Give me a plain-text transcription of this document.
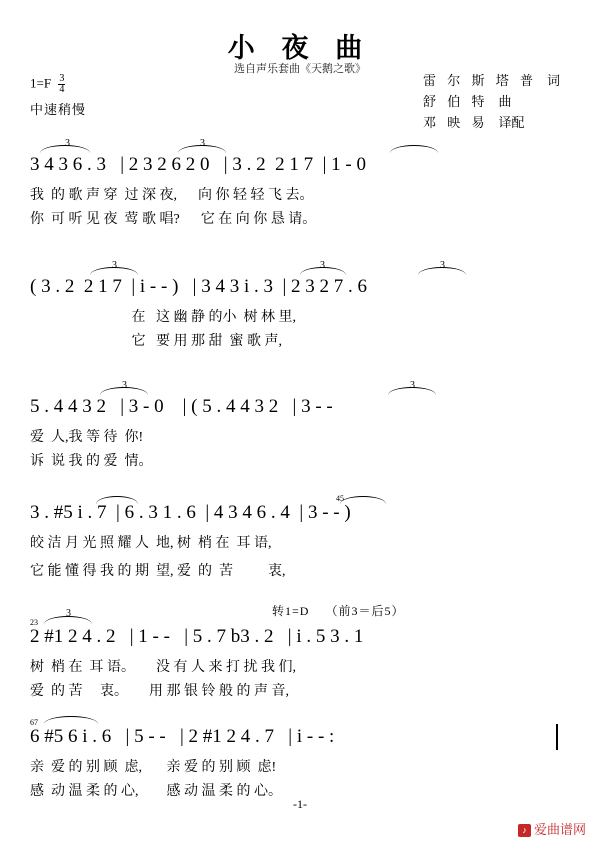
小 夜 曲
选自声乐套曲《天鹅之歌》
雷 尔 斯 塔 普 词
舒 伯 特 曲
邓 映 易 译配
$1=F \frac{3}{4}$
中速稍慢
3 4 3 6 . 3   | 2 3 2 6 2 0   | 3 . 2  2 1 7  | 1 - 0
我  的 歌 声 穿  过 深 夜,      向 你 轻 轻 飞 去。
你  可 听 见 夜  莺 歌 唱?      它 在 向 你 恳 请。
3	3
( 3 . 2  2 1 7  | i - - )   | 3 4 3 i . 3  | 2 3 2 7 . 6
在   这 幽 静 的小  树 林 里,
它   要 用 那 甜  蜜 歌 声,
3	3	3
5 . 4 4 3 2   | 3 - 0    | ( 5 . 4 4 3 2   | 3 - -
爱  人,我 等 待  你!
诉  说 我 的 爱  情。
3	3
3 . #5 i . 7  | 6 . 3 1 . 6  | 4 3 4 6 . 4  | 3 - - )
皎 洁 月 光 照 耀 人  地, 树  梢 在  耳 语,
它 能 懂 得 我 的 期  望, 爱  的  苦          衷,
45
转1=D （前3＝后5）
2 #1 2 4 . 2   | 1 - -   | 5 . 7 b3 . 2   | i . 5 3 . 1
树  梢 在  耳 语。      没 有 人 来 打 扰 我 们,
爱  的 苦     衷。      用 那 银 铃 般 的 声 音,
23
3
6 #5 6 i . 6   | 5 - -   | 2 #1 2 4 . 7   | i - - :
亲  爱 的 别 顾  虑,       亲 爱 的 别 顾  虑!
感  动 温 柔 的 心,        感 动 温 柔 的 心。
67
-1-
♪ 爱曲谱网
